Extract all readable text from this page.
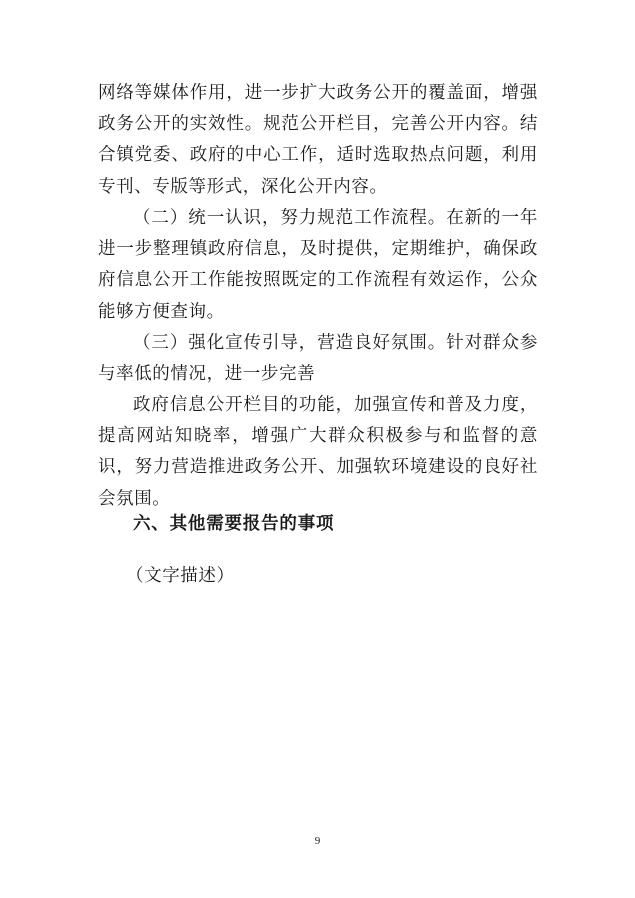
网络等媒体作用，进一步扩大政务公开的覆盖面，增强政务公开的实效性。规范公开栏目，完善公开内容。结合镇党委、政府的中心工作，适时选取热点问题，利用专刊、专版等形式，深化公开内容。

（二）统一认识，努力规范工作流程。在新的一年进一步整理镇政府信息，及时提供，定期维护，确保政府信息公开工作能按照既定的工作流程有效运作，公众能够方便查询。

（三）强化宣传引导，营造良好氛围。针对群众参与率低的情况，进一步完善

政府信息公开栏目的功能，加强宣传和普及力度，提高网站知晓率，增强广大群众积极参与和监督的意识，努力营造推进政务公开、加强软环境建设的良好社会氛围。

六、其他需要报告的事项

（文字描述）

9
